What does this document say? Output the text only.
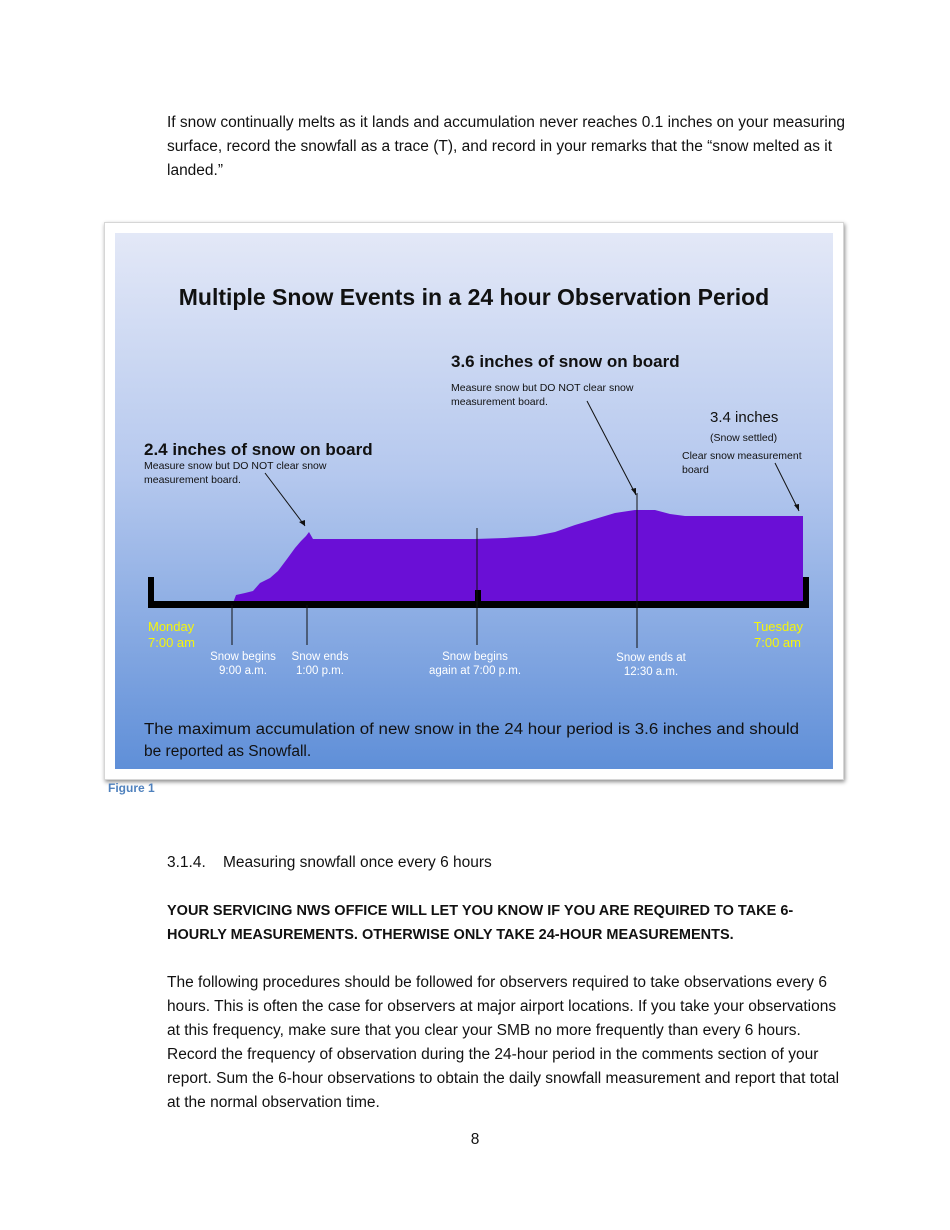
If snow continually melts as it lands and accumulation never reaches 0.1 inches on your measuring surface, record the snowfall as a trace (T), and record in your remarks that the “snow melted as it landed.”

Multiple Snow Events in a 24 hour Observation Period
2.4 inches of snow on board
Measure snow but DO NOT clear snow
measurement board.
3.6 inches of snow on board
Measure snow but DO NOT clear snow
measurement board.
3.4 inches
(Snow settled)
Clear snow measurement
board
Monday
7:00 am
Tuesday
7:00 am
Snow begins
9:00 a.m.
Snow ends
1:00 p.m.
Snow begins
again at 7:00 p.m.
Snow ends at
12:30 a.m.
The maximum accumulation of new snow in the 24 hour period is 3.6 inches and should
be reported as Snowfall.

Figure 1

3.1.4. Measuring snowfall once every 6 hours

YOUR SERVICING NWS OFFICE WILL LET YOU KNOW IF YOU ARE REQUIRED TO TAKE 6-HOURLY MEASUREMENTS. OTHERWISE ONLY TAKE 24-HOUR MEASUREMENTS.

The following procedures should be followed for observers required to take observations every 6 hours. This is often the case for observers at major airport locations. If you take your observations at this frequency, make sure that you clear your SMB no more frequently than every 6 hours. Record the frequency of observation during the 24-hour period in the comments section of your report. Sum the 6-hour observations to obtain the daily snowfall measurement and report that total at the normal observation time.

8
